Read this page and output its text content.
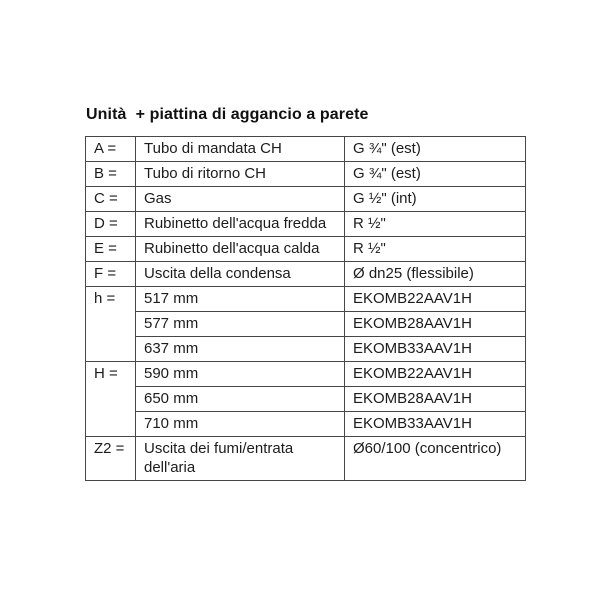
Unità  + piattina di aggancio a parete
A =	Tubo di mandata CH	G ¾" (est)
B =	Tubo di ritorno CH	G ¾" (est)
C =	Gas	G ½" (int)
D =	Rubinetto dell'acqua fredda	R ½"
E =	Rubinetto dell'acqua calda	R ½"
F =	Uscita della condensa	Ø dn25 (flessibile)
h =	517 mm	EKOMB22AAV1H
	577 mm	EKOMB28AAV1H
	637 mm	EKOMB33AAV1H
H =	590 mm	EKOMB22AAV1H
	650 mm	EKOMB28AAV1H
	710 mm	EKOMB33AAV1H
Z2 =	Uscita dei fumi/entrata dell'aria	Ø60/100 (concentrico)
